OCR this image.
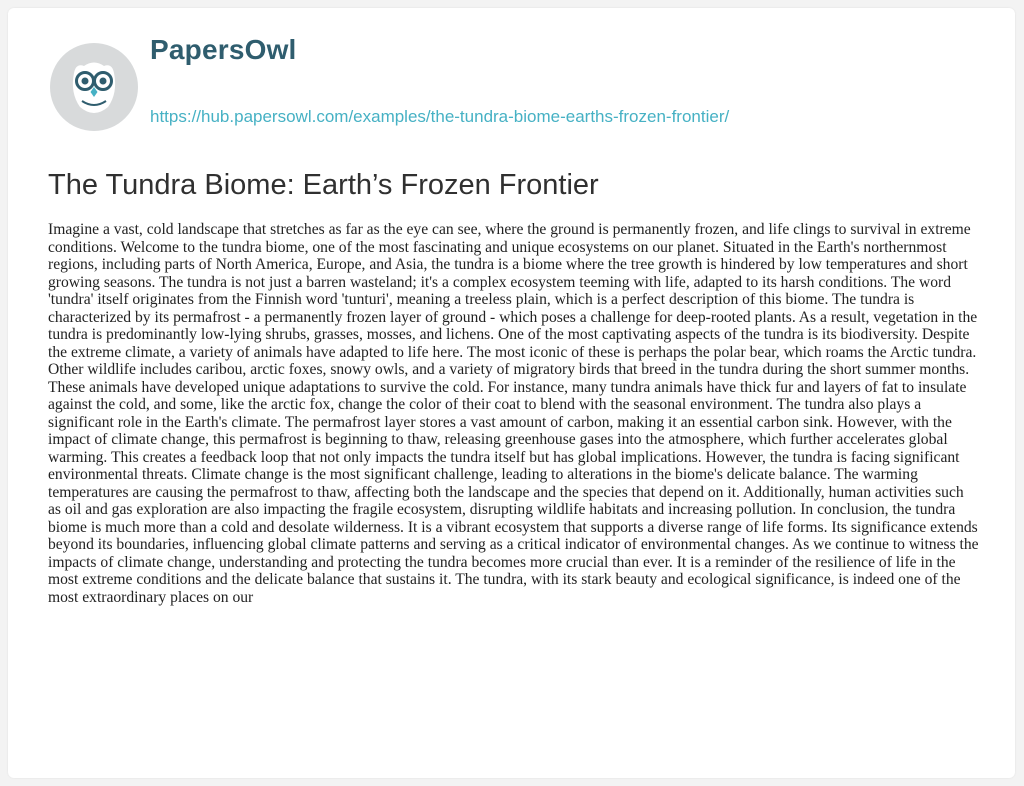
PapersOwl
https://hub.papersowl.com/examples/the-tundra-biome-earths-frozen-frontier/
The Tundra Biome: Earth’s Frozen Frontier

Imagine a vast, cold landscape that stretches as far as the eye can see, where the ground is permanently frozen, and life clings to survival in extreme conditions. Welcome to the tundra biome, one of the most fascinating and unique ecosystems on our planet. Situated in the Earth's northernmost regions, including parts of North America, Europe, and Asia, the tundra is a biome where the tree growth is hindered by low temperatures and short growing seasons. The tundra is not just a barren wasteland; it's a complex ecosystem teeming with life, adapted to its harsh conditions. The word 'tundra' itself originates from the Finnish word 'tunturi', meaning a treeless plain, which is a perfect description of this biome. The tundra is characterized by its permafrost - a permanently frozen layer of ground - which poses a challenge for deep-rooted plants. As a result, vegetation in the tundra is predominantly low-lying shrubs, grasses, mosses, and lichens. One of the most captivating aspects of the tundra is its biodiversity. Despite the extreme climate, a variety of animals have adapted to life here. The most iconic of these is perhaps the polar bear, which roams the Arctic tundra. Other wildlife includes caribou, arctic foxes, snowy owls, and a variety of migratory birds that breed in the tundra during the short summer months. These animals have developed unique adaptations to survive the cold. For instance, many tundra animals have thick fur and layers of fat to insulate against the cold, and some, like the arctic fox, change the color of their coat to blend with the seasonal environment. The tundra also plays a significant role in the Earth's climate. The permafrost layer stores a vast amount of carbon, making it an essential carbon sink. However, with the impact of climate change, this permafrost is beginning to thaw, releasing greenhouse gases into the atmosphere, which further accelerates global warming. This creates a feedback loop that not only impacts the tundra itself but has global implications. However, the tundra is facing significant environmental threats. Climate change is the most significant challenge, leading to alterations in the biome's delicate balance. The warming temperatures are causing the permafrost to thaw, affecting both the landscape and the species that depend on it. Additionally, human activities such as oil and gas exploration are also impacting the fragile ecosystem, disrupting wildlife habitats and increasing pollution. In conclusion, the tundra biome is much more than a cold and desolate wilderness. It is a vibrant ecosystem that supports a diverse range of life forms. Its significance extends beyond its boundaries, influencing global climate patterns and serving as a critical indicator of environmental changes. As we continue to witness the impacts of climate change, understanding and protecting the tundra becomes more crucial than ever. It is a reminder of the resilience of life in the most extreme conditions and the delicate balance that sustains it. The tundra, with its stark beauty and ecological significance, is indeed one of the most extraordinary places on our
